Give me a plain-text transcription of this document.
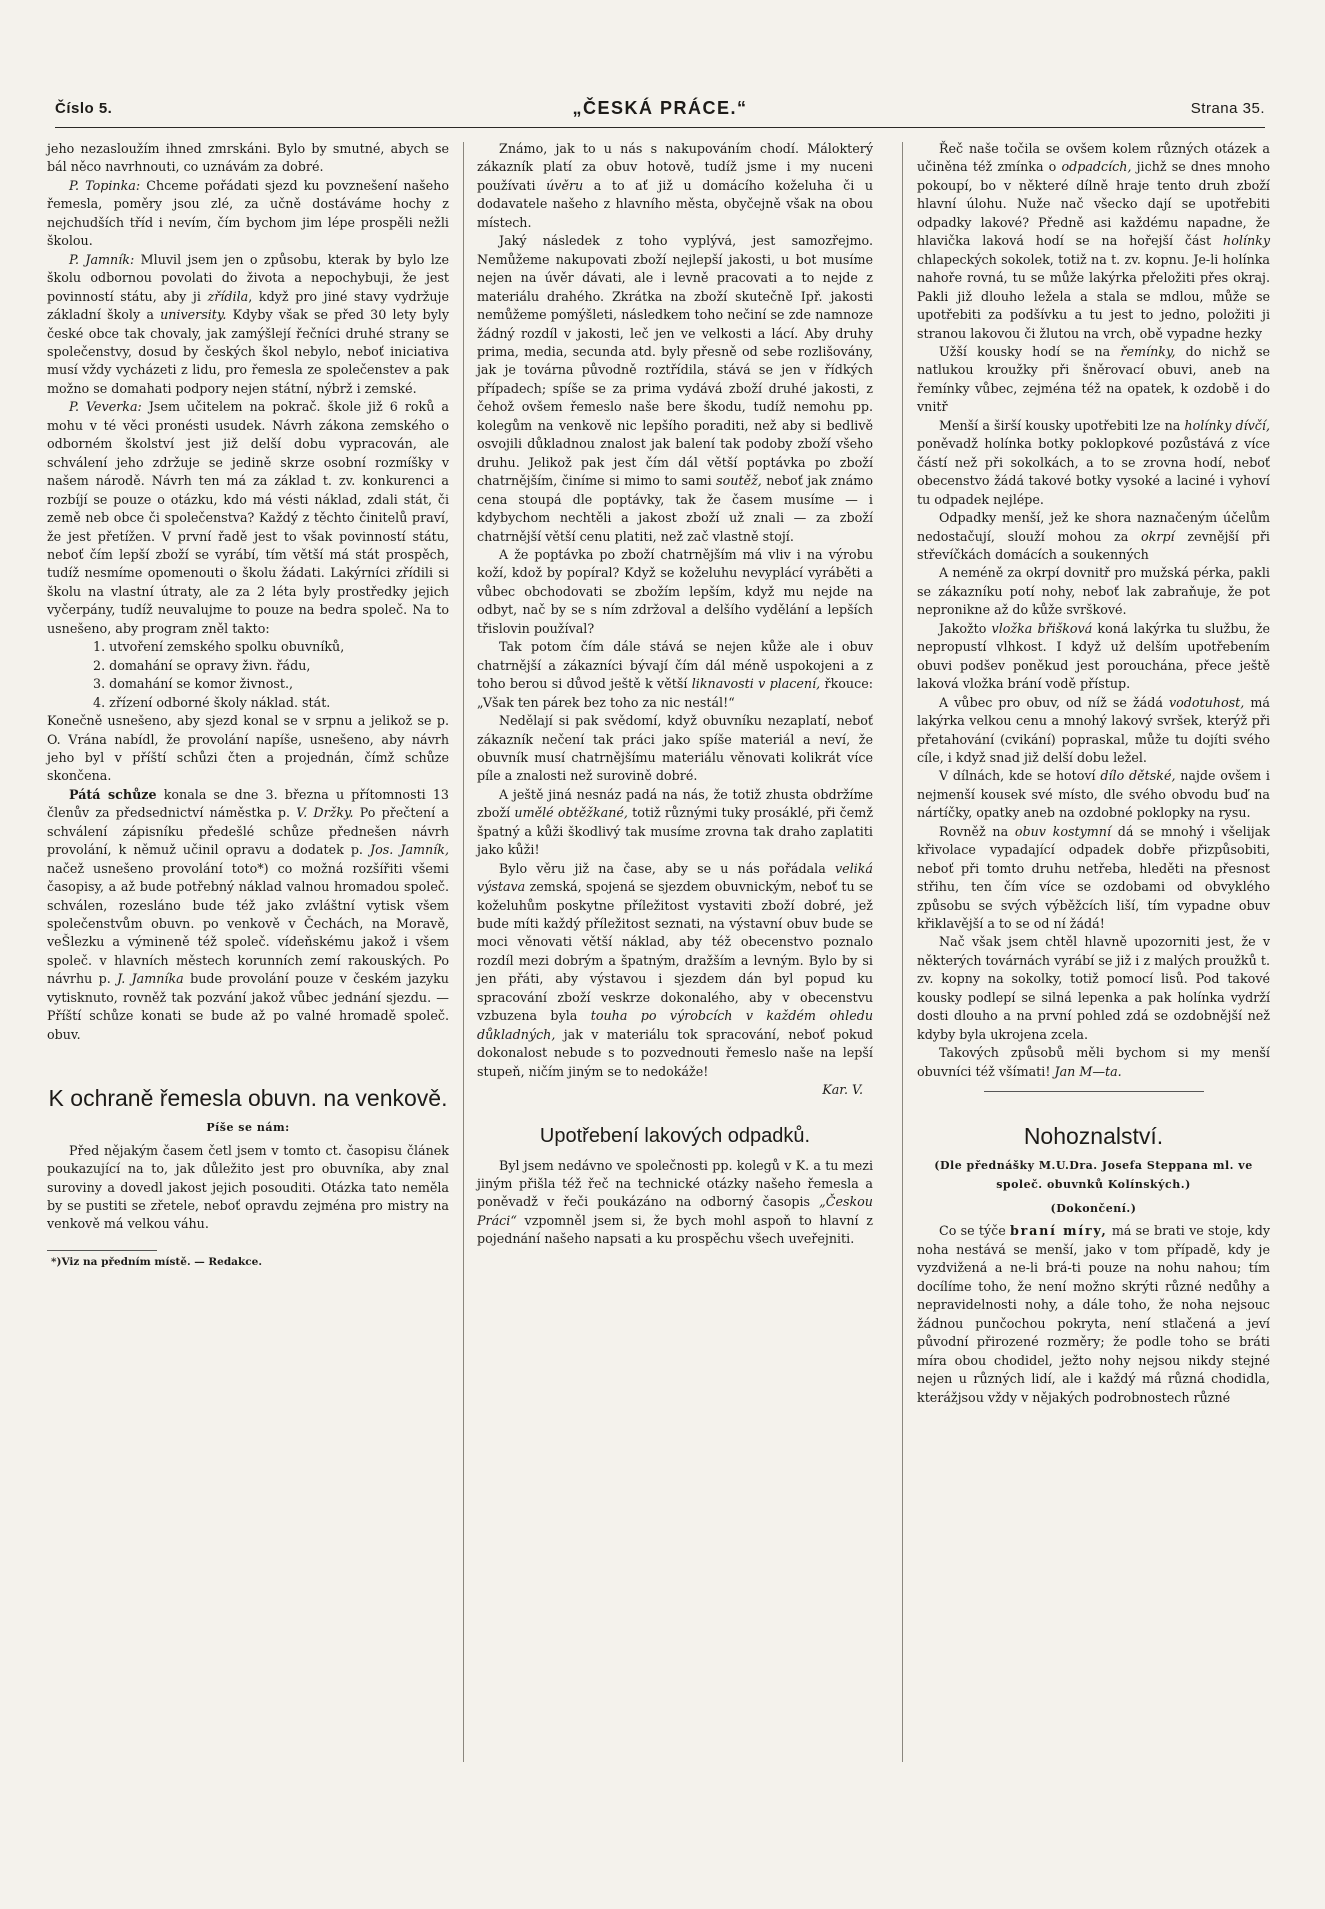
Číslo 5.	„ČESKÁ PRÁCE.“	Strana 35.

jeho nezasloužím ihned zmrskáni. Bylo by smutné, abych se bál něco navrhnouti, co uznávám za dobré.

P. Topinka: Chceme pořádati sjezd ku povznešení našeho řemesla, poměry jsou zlé, za učně dostáváme hochy z nejchudších tříd i nevím, čím bychom jim lépe prospěli nežli školou.

P. Jamník: Mluvil jsem jen o způsobu, kterak by bylo lze školu odbornou povolati do života a nepochybuji, že jest povinností státu, aby ji zřídila, když pro jiné stavy vydržuje základní školy a university. Kdyby však se před 30 lety byly české obce tak chovaly, jak zamýšlejí řečníci druhé strany se společenstvy, dosud by českých škol nebylo, neboť iniciativa musí vždy vycházeti z lidu, pro řemesla ze společenstev a pak možno se domahati podpory nejen státní, nýbrž i zemské.

P. Veverka: Jsem učitelem na pokrač. škole již 6 roků a mohu v té věci pronésti usudek. Návrh zákona zemského o odborném školství jest již delší dobu vypracován, ale schválení jeho zdržuje se jedině skrze osobní rozmíšky v našem národě. Návrh ten má za základ t. zv. konkurenci a rozbíjí se pouze o otázku, kdo má vésti náklad, zdali stát, či země neb obce či společenstva? Každý z těchto činitelů praví, že jest přetížen. V první řadě jest to však povinností státu, neboť čím lepší zboží se vyrábí, tím větší má stát prospěch, tudíž nesmíme opomenouti o školu žádati. Lakýrníci zřídili si školu na vlastní útraty, ale za 2 léta byly prostředky jejich vyčerpány, tudíž neuvalujme to pouze na bedra společ. Na to usnešeno, aby program zněl takto:

1. utvoření zemského spolku obuvníků,
2. domahání se opravy živn. řádu,
3. domahání se komor živnost.,
4. zřízení odborné školy náklad. stát.

Konečně usnešeno, aby sjezd konal se v srpnu a jelikož se p. O. Vrána nabídl, že provolání napíše, usnešeno, aby návrh jeho byl v příští schůzi čten a projednán, čímž schůze skončena.

Pátá schůze konala se dne 3. března u přítomnosti 13 členův za předsednictví náměstka p. V. Držky. Po přečtení a schválení zápisníku předešlé schůze přednešen návrh provolání, k němuž učinil opravu a dodatek p. Jos. Jamník, načež usnešeno provolání toto*) co možná rozšířiti všemi časopisy, a až bude potřebný náklad valnou hromadou společ. schválen, rozesláno bude též jako zvláštní vytisk všem společenstvům obuvn. po venkově v Čechách, na Moravě, veŠlezku a výmineně též společ. vídeňskému jakož i všem společ. v hlavních městech korunních zemí rakouských. Po návrhu p. J. Jamníka bude provolání pouze v českém jazyku vytisknuto, rovněž tak pozvání jakož vůbec jednání sjezdu. — Příští schůze konati se bude až po valné hromadě společ. obuv.

K ochraně řemesla obuvn. na venkově.
Píše se nám:

Před nějakým časem četl jsem v tomto ct. časopisu článek poukazující na to, jak důležito jest pro obuvníka, aby znal suroviny a dovedl jakost jejich posouditi. Otázka tato neměla by se pustiti se zřetele, neboť opravdu zejména pro mistry na venkově má velkou váhu.

*)Viz na předním místě. — Redakce.

Známo, jak to u nás s nakupováním chodí. Málokterý zákazník platí za obuv hotově, tudíž jsme i my nuceni používati úvěru a to ať již u domácího koželuha či u dodavatele našeho z hlavního města, obyčejně však na obou místech.

Jaký následek z toho vyplývá, jest samozřejmo. Nemůžeme nakupovati zboží nejlepší jakosti, u bot musíme nejen na úvěr dávati, ale i levně pracovati a to nejde z materiálu drahého. Zkrátka na zboží skutečně Ipř. jakosti nemůžeme pomýšleti, následkem toho nečiní se zde namnoze žádný rozdíl v jakosti, leč jen ve velkosti a lácí. Aby druhy prima, media, secunda atd. byly přesně od sebe rozlišovány, jak je továrna původně roztřídila, stává se jen v řídkých případech; spíše se za prima vydává zboží druhé jakosti, z čehož ovšem řemeslo naše bere škodu, tudíž nemohu pp. kolegům na venkově nic lepšího poraditi, než aby si bedlivě osvojili důkladnou znalost jak balení tak podoby zboží všeho druhu. Jelikož pak jest čím dál větší poptávka po zboží chatrnějším, činíme si mimo to sami soutěž, neboť jak známo cena stoupá dle poptávky, tak že časem musíme — i kdybychom nechtěli a jakost zboží už znali — za zboží chatrnější větší cenu platiti, než zač vlastně stojí.

A že poptávka po zboží chatrnějším má vliv i na výrobu koží, kdož by popíral? Když se koželuhu nevyplácí vyráběti a vůbec obchodovati se zbožím lepším, když mu nejde na odbyt, nač by se s ním zdržoval a delšího vydělání a lepších třislovin používal?

Tak potom čím dále stává se nejen kůže ale i obuv chatrnější a zákazníci bývají čím dál méně uspokojeni a z toho berou si důvod ještě k větší liknavosti v placení, řkouce: „Však ten párek bez toho za nic nestál!“

Nedělají si pak svědomí, když obuvníku nezaplatí, neboť zákazník nečení tak práci jako spíše materiál a neví, že obuvník musí chatrnějšímu materiálu věnovati kolikrát více píle a znalosti než surovině dobré.

A ještě jiná nesnáz padá na nás, že totiž zhusta obdržíme zboží umělé obtěžkané, totiž různými tuky prosáklé, při čemž špatný a kůži škodlivý tak musíme zrovna tak draho zaplatiti jako kůži!

Bylo věru již na čase, aby se u nás pořádala veliká výstava zemská, spojená se sjezdem obuvnickým, neboť tu se koželuhům poskytne příležitost vystaviti zboží dobré, jež bude míti každý příležitost seznati, na výstavní obuv bude se moci věnovati větší náklad, aby též obecenstvo poznalo rozdíl mezi dobrým a špatným, dražším a levným. Bylo by si jen přáti, aby výstavou i sjezdem dán byl popud ku spracování zboží veskrze dokonalého, aby v obecenstvu vzbuzena byla touha po výrobcích v každém ohledu důkladných, jak v materiálu tok spracování, neboť pokud dokonalost nebude s to pozvednouti řemeslo naše na lepší stupeň, ničím jiným se to nedokáže!

Kar. V.

Upotřebení lakových odpadků.

Byl jsem nedávno ve společnosti pp. kolegů v K. a tu mezi jiným přišla též řeč na technické otázky našeho řemesla a poněvadž v řeči poukázáno na odborný časopis „Českou Práci“ vzpomněl jsem si, že bych mohl aspoň to hlavní z pojednání našeho napsati a ku prospěchu všech uveřejniti.

Řeč naše točila se ovšem kolem různých otázek a učiněna též zmínka o odpadcích, jichž se dnes mnoho pokoupí, bo v některé dílně hraje tento druh zboží hlavní úlohu. Nuže nač všecko dají se upotřebiti odpadky lakové? Předně asi každému napadne, že hlavička laková hodí se na hořejší část holínky chlapeckých sokolek, totiž na t. zv. kopnu. Je-li holínka nahoře rovná, tu se může lakýrka přeložiti přes okraj. Pakli již dlouho ležela a stala se mdlou, může se upotřebiti za podšívku a tu jest to jedno, položiti ji stranou lakovou či žlutou na vrch, obě vypadne hezky

Užší kousky hodí se na řemínky, do nichž se natlukou kroužky při šněrovací obuvi, aneb na řemínky vůbec, zejména též na opatek, k ozdobě i do vnitř

Menší a širší kousky upotřebiti lze na holínky dívčí, poněvadž holínka botky poklopkové pozůstává z více částí než při sokolkách, a to se zrovna hodí, neboť obecenstvo žádá takové botky vysoké a laciné i vyhoví tu odpadek nejlépe.

Odpadky menší, jež ke shora naznačeným účelům nedostačují, slouží mohou za okrpí zevnější při střevíčkách domácích a soukenných

A neméně za okrpí dovnitř pro mužská pérka, pakli se zákazníku potí nohy, neboť lak zabraňuje, že pot nepronikne až do kůže svrškové.

Jakožto vložka břišková koná lakýrka tu službu, že nepropustí vlhkost. I když už delším upotřebením obuvi podšev poněkud jest porouchána, přece ještě laková vložka brání vodě přístup.

A vůbec pro obuv, od níž se žádá vodotuhost, má lakýrka velkou cenu a mnohý lakový svršek, kterýž při přetahování (cvikání) popraskal, může tu dojíti svého cíle, i když snad již delší dobu ležel.

V dílnách, kde se hotoví dílo dětské, najde ovšem i nejmenší kousek své místo, dle svého obvodu buď na nártíčky, opatky aneb na ozdobné poklopky na rysu.

Rovněž na obuv kostymní dá se mnohý i všelijak křivolace vypadající odpadek dobře přizpůsobiti, neboť při tomto druhu netřeba, hleděti na přesnost střihu, ten čím více se ozdobami od obvyklého způsobu se svých výběžcích liší, tím vypadne obuv křiklavější a to se od ní žádá!

Nač však jsem chtěl hlavně upozorniti jest, že v některých továrnách vyrábí se již i z malých proužků t. zv. kopny na sokolky, totiž pomocí lisů. Pod takové kousky podlepí se silná lepenka a pak holínka vydrží dosti dlouho a na první pohled zdá se ozdobnější než kdyby byla ukrojena zcela.

Takových způsobů měli bychom si my menší obuvníci též všímati! Jan M—ta.

Nohoznalství.
(Dle přednášky M.U.Dra. Josefa Steppana ml. ve společ. obuvnků Kolínských.)
(Dokončení.)

Co se týče braní míry, má se brati ve stoje, kdy noha nestává se menší, jako v tom případě, kdy je vyzdvižená a ne-li brá-ti pouze na nohu nahou; tím docílíme toho, že není možno skrýti různé nedůhy a nepravidelnosti nohy, a dále toho, že noha nejsouc žádnou punčochou pokryta, není stlačená a jeví původní přirozené rozměry; že podle toho se bráti míra obou chodidel, ježto nohy nejsou nikdy stejné nejen u různých lidí, ale i každý má různá chodidla, kterážjsou vždy v nějakých podrobnostech různé
